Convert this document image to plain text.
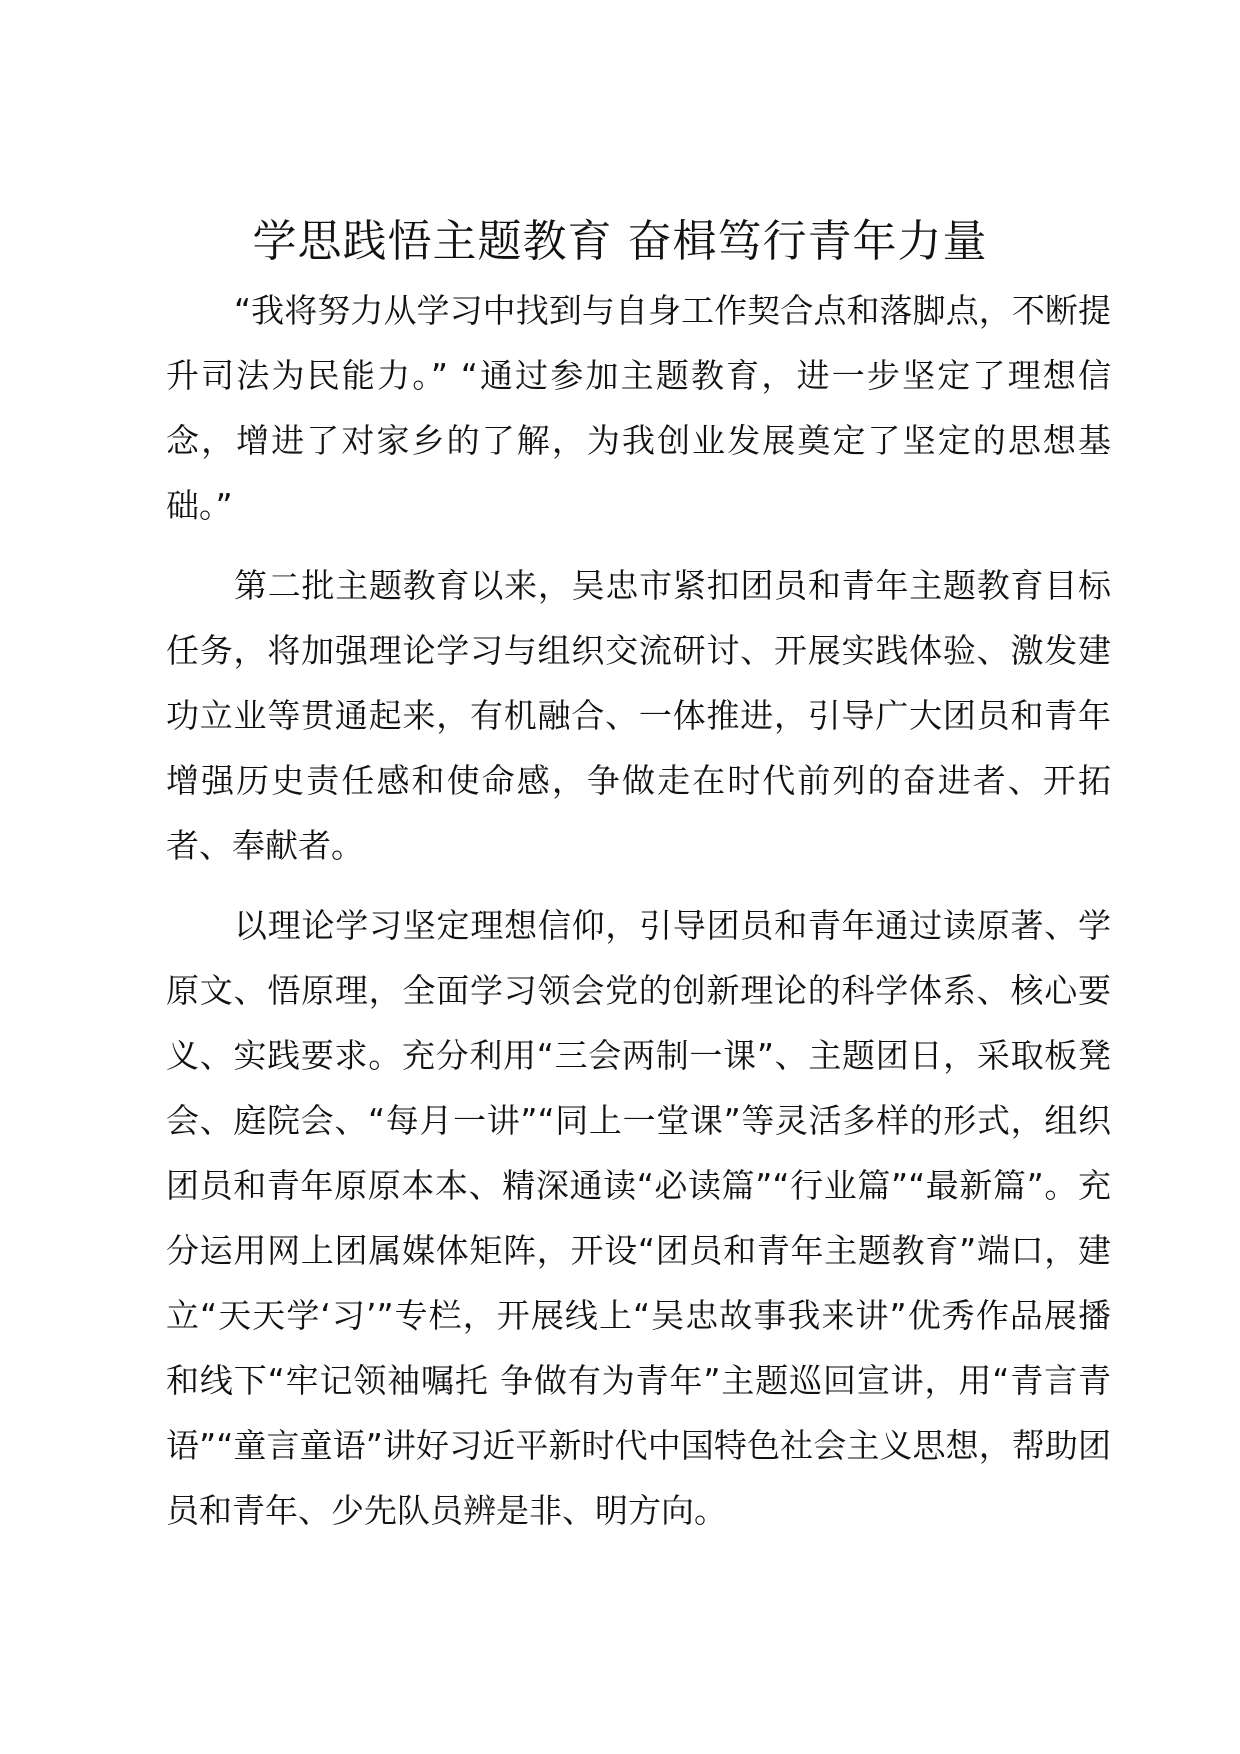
学思践悟主题教育 奋楫笃行青年力量

“我将努力从学习中找到与自身工作契合点和落脚点，不断提升司法为民能力。” “通过参加主题教育，进一步坚定了理想信念，增进了对家乡的了解，为我创业发展奠定了坚定的思想基础。”

第二批主题教育以来，吴忠市紧扣团员和青年主题教育目标任务，将加强理论学习与组织交流研讨、开展实践体验、激发建功立业等贯通起来，有机融合、一体推进，引导广大团员和青年增强历史责任感和使命感，争做走在时代前列的奋进者、开拓者、奉献者。

以理论学习坚定理想信仰，引导团员和青年通过读原著、学原文、悟原理，全面学习领会党的创新理论的科学体系、核心要义、实践要求。充分利用“三会两制一课”、主题团日，采取板凳会、庭院会、“每月一讲”“同上一堂课”等灵活多样的形式，组织团员和青年原原本本、精深通读“必读篇”“行业篇”“最新篇”。充分运用网上团属媒体矩阵，开设“团员和青年主题教育”端口，建立“天天学‘习’”专栏，开展线上“吴忠故事我来讲”优秀作品展播和线下“牢记领袖嘱托 争做有为青年”主题巡回宣讲，用“青言青语”“童言童语”讲好习近平新时代中国特色社会主义思想，帮助团员和青年、少先队员辨是非、明方向。
